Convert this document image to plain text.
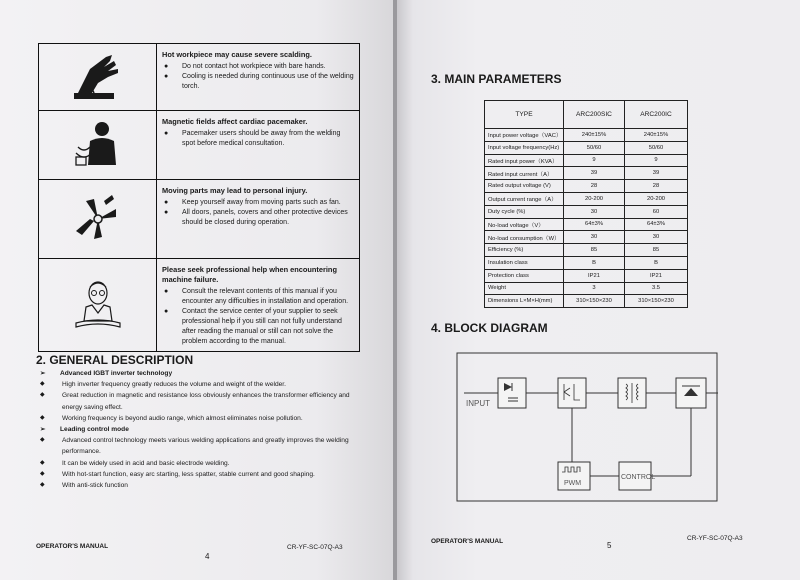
Hot workpiece may cause severe scalding.
●	Do not contact hot workpiece with bare hands.
●	Cooling is needed during continuous use of the welding torch.
Magnetic fields affect cardiac pacemaker.
●	Pacemaker users should be away from the welding spot before medical consultation.
Moving parts may lead to personal injury.
●	Keep yourself away from moving parts such as fan.
●	All doors, panels, covers and other protective devices should be closed during operation.
Please seek professional help when encountering machine failure.
●	Consult the relevant contents of this manual if you encounter any difficulties in installation and operation.
●	Contact the service center of your supplier to seek professional help if you still can not fully understand after reading the manual or still can not solve the problem according to the manual.
2. GENERAL DESCRIPTION
➢	Advanced IGBT inverter technology
◆	High inverter frequency greatly reduces the volume and weight of the welder.
◆	Great reduction in magnetic and resistance loss obviously enhances the transformer efficiency and energy saving effect.
◆	Working frequency is beyond audio range, which almost eliminates noise pollution.
➢	Leading control mode
◆	Advanced control technology meets various welding applications and greatly improves the welding performance.
◆	It can be widely used in acid and basic electrode welding.
◆	With hot-start function, easy arc starting, less spatter, stable current and good shaping.
◆	With anti-stick function
OPERATOR'S MANUAL
4
CR-YF-SC-07Q-A3
3. MAIN PARAMETERS
TYPE	ARC200SIC	ARC200IC
Input power voltage（VAC）	240±15%	240±15%
Input voltage frequency(Hz)	50/60	50/60
Rated input power（KVA）	9	9
Rated input current（A）	39	39
Rated output voltage (V)	28	28
Output current range（A）	20-200	20-200
Duty cycle (%)	30	60
No-load voltage（V）	64±3%	64±3%
No-load consumption（W）	30	30
Efficiency (%)	85	85
Insulation class	B	B
Protection class	IP21	IP21
Weight	3	3.5
Dimensions L×M×H(mm)	310×150×230	310×150×230
4. BLOCK DIAGRAM
INPUT
CONTROL
PWM
OPERATOR'S MANUAL	5
CR-YF-SC-07Q-A3
